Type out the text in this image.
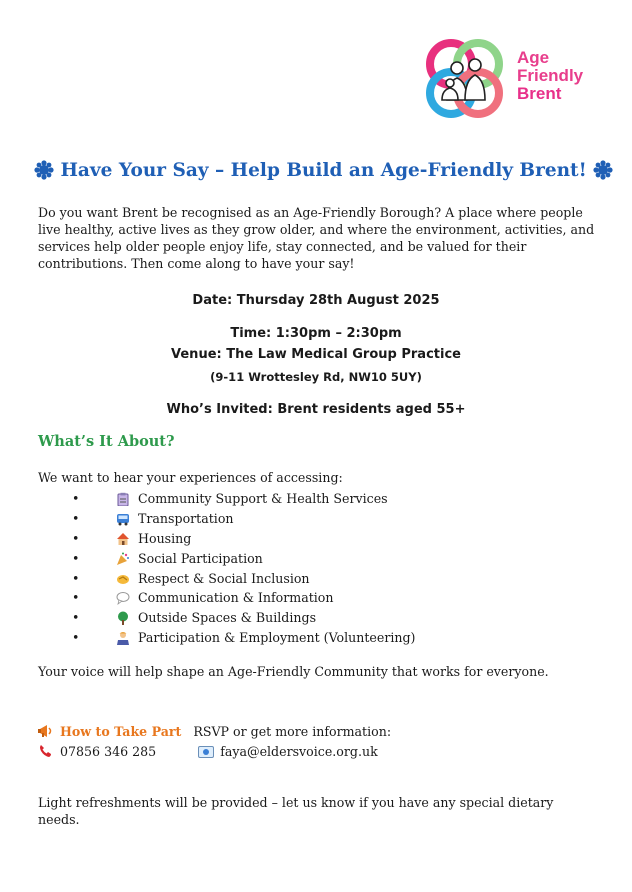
Age
Friendly
Brent
Have Your Say – Help Build an Age-Friendly Brent!
Do you want Brent be recognised as an Age-Friendly Borough? A place where people live healthy, active lives as they grow older, and where the environment, activities, and services help older people enjoy life, stay connected, and be valued for their contributions. Then come along to have your say!
Date: Thursday 28th August 2025
Time: 1:30pm – 2:30pm
Venue: The Law Medical Group Practice
(9-11 Wrottesley Rd, NW10 5UY)
Who’s Invited: Brent residents aged 55+
What’s It About?
We want to hear your experiences of accessing:
•	Community Support & Health Services
•	Transportation
•	Housing
•	Social Participation
•	Respect & Social Inclusion
•	Communication & Information
•	Outside Spaces & Buildings
•	Participation & Employment (Volunteering)
Your voice will help shape an Age-Friendly Community that works for everyone.
How to Take Part RSVP or get more information:
07856 346 285	faya@eldersvoice.org.uk
Light refreshments will be provided – let us know if you have any special dietary needs.
